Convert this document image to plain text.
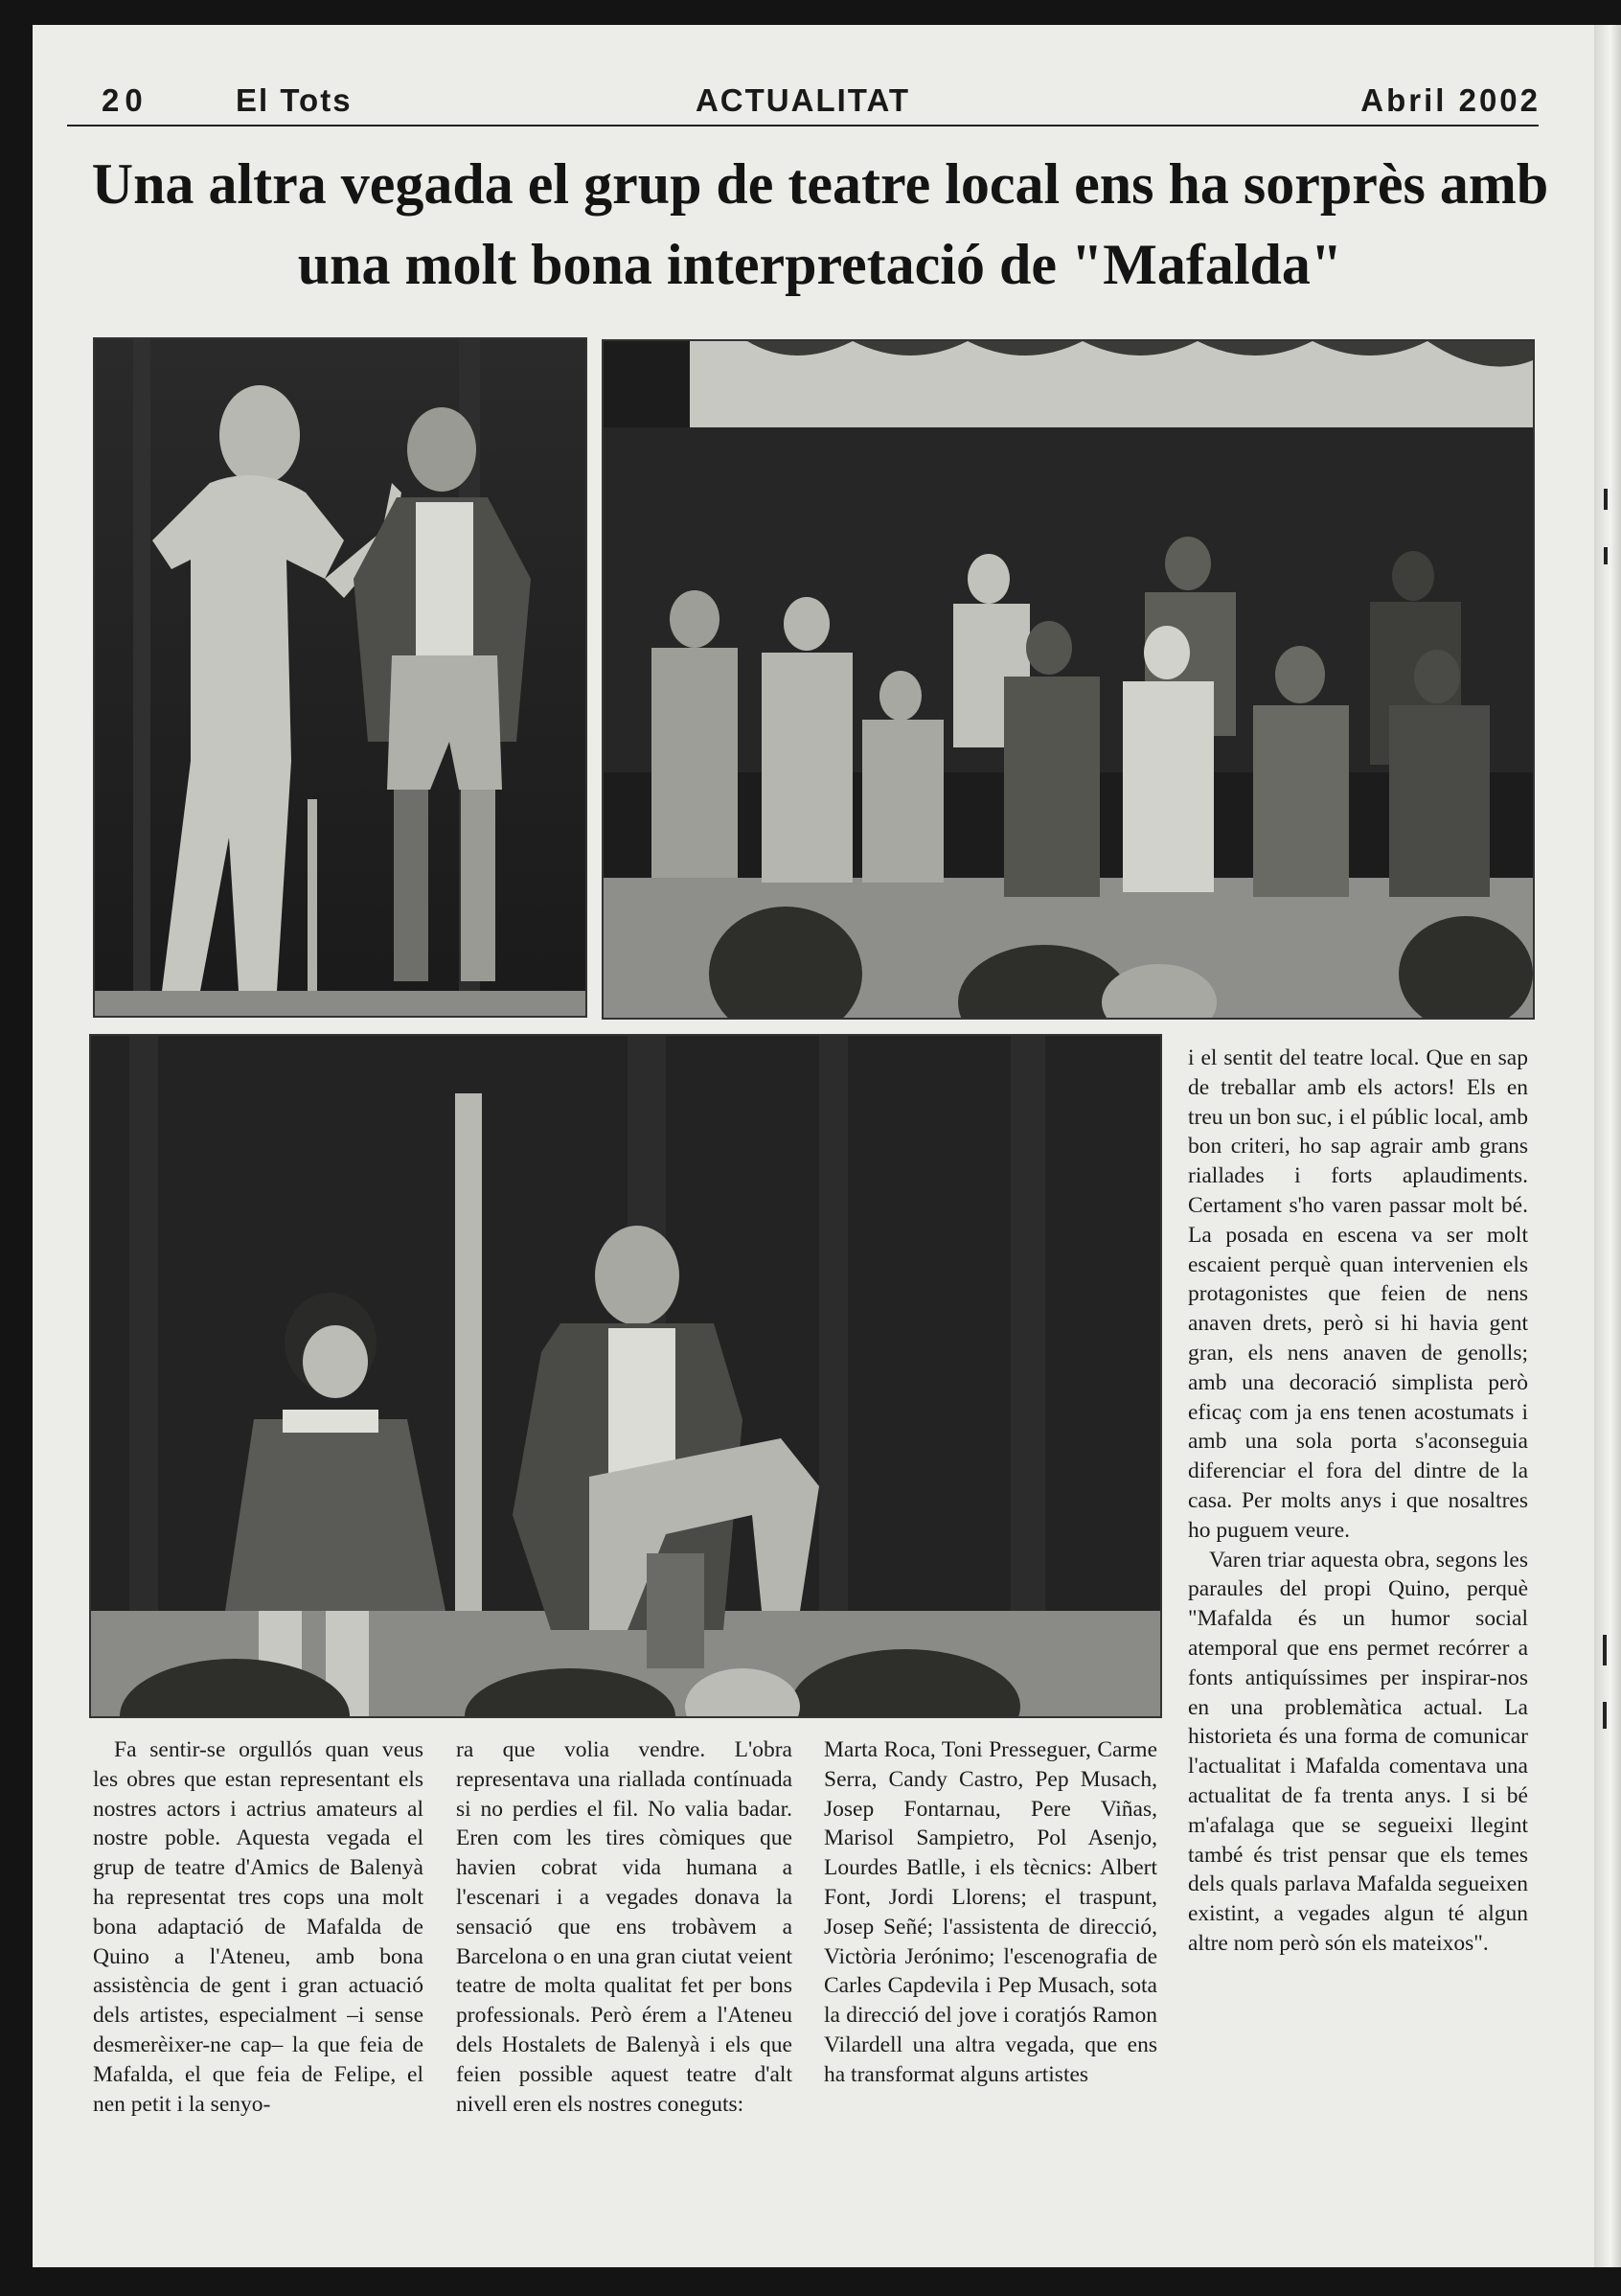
20	El Tots	ACTUALITAT	Abril 2002
Una altra vegada el grup de teatre local ens ha sorprès amb una molt bona interpretació de "Mafalda"

Fa sentir-se orgullós quan veus les obres que estan representant els nostres actors i actrius amateurs al nostre poble. Aquesta vegada el grup de teatre d'Amics de Balenyà ha representat tres cops una molt bona adaptació de Mafalda de Quino a l'Ateneu, amb bona assistència de gent i gran actuació dels artistes, especialment –i sense desmerèixer-ne cap– la que feia de Mafalda, el que feia de Felipe, el nen petit i la senyo-

ra que volia vendre. L'obra representava una riallada contínuada si no perdies el fil. No valia badar. Eren com les tires còmiques que havien cobrat vida humana a l'escenari i a vegades donava la sensació que ens trobàvem a Barcelona o en una gran ciutat veient teatre de molta qualitat fet per bons professionals. Però érem a l'Ateneu dels Hostalets de Balenyà i els que feien possible aquest teatre d'alt nivell eren els nostres coneguts:

Marta Roca, Toni Presseguer, Carme Serra, Candy Castro, Pep Musach, Josep Fontarnau, Pere Viñas, Marisol Sampietro, Pol Asenjo, Lourdes Batlle, i els tècnics: Albert Font, Jordi Llorens; el traspunt, Josep Señé; l'assistenta de direcció, Victòria Jerónimo; l'escenografia de Carles Capdevila i Pep Musach, sota la direcció del jove i coratjós Ramon Vilardell una altra vegada, que ens ha transformat alguns artistes

i el sentit del teatre local. Que en sap de treballar amb els actors! Els en treu un bon suc, i el públic local, amb bon criteri, ho sap agrair amb grans riallades i forts aplaudiments. Certament s'ho varen passar molt bé. La posada en escena va ser molt escaient perquè quan intervenien els protagonistes que feien de nens anaven drets, però si hi havia gent gran, els nens anaven de genolls; amb una decoració simplista però eficaç com ja ens tenen acostumats i amb una sola porta s'aconseguia diferenciar el fora del dintre de la casa. Per molts anys i que nosaltres ho puguem veure.

Varen triar aquesta obra, segons les paraules del propi Quino, perquè "Mafalda és un humor social atemporal que ens permet recórrer a fonts antiquíssimes per inspirar-nos en una problemàtica actual. La historieta és una forma de comunicar l'actualitat i Mafalda comentava una actualitat de fa trenta anys. I si bé m'afalaga que se segueixi llegint també és trist pensar que els temes dels quals parlava Mafalda segueixen existint, a vegades algun té algun altre nom però són els mateixos".
